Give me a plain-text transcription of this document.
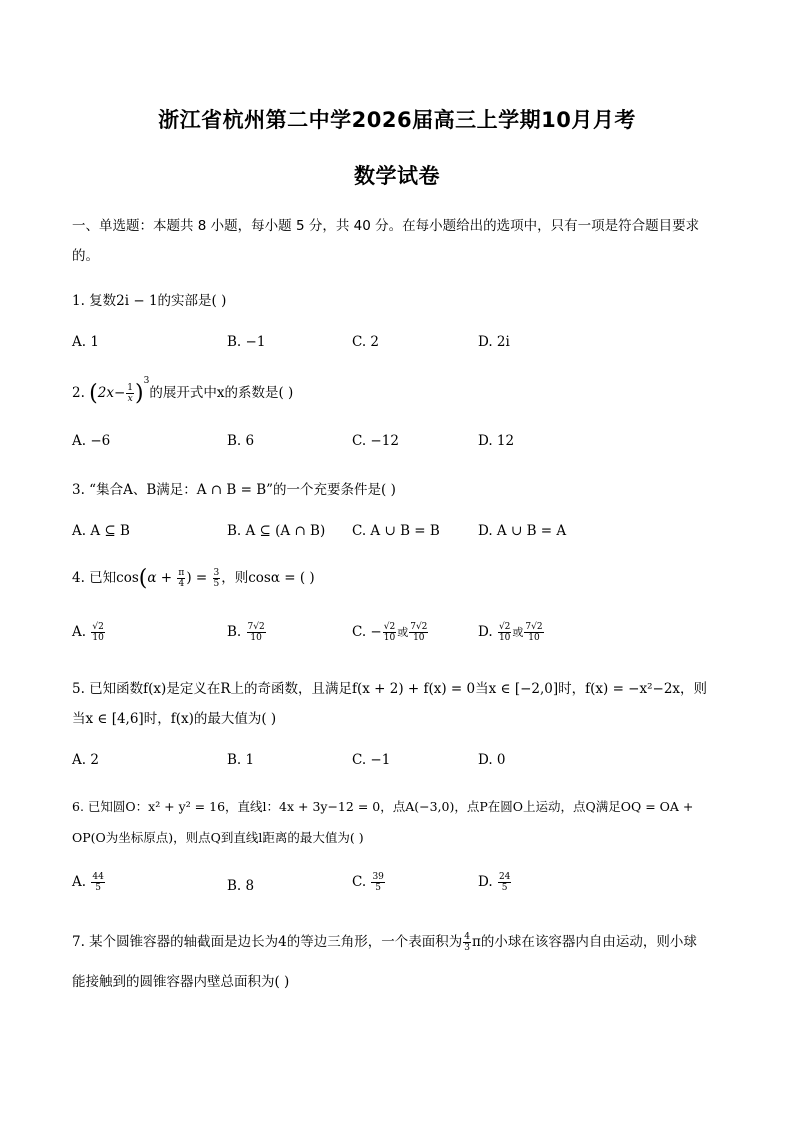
浙江省杭州第二中学2026届高三上学期10月月考
数学试卷
一、单选题：本题共 8 小题，每小题 5 分，共 40 分。在每小题给出的选项中，只有一项是符合题目要求
的。
1. 复数2i − 1的实部是( )
A. 1	B. −1	C. 2	D. 2i
2. $(2x- \frac{1}{x} )^3$的展开式中x的系数是( )
A. −6	B. 6	C. −12	D. 12
3. “集合A、B满足：A ∩ B = B”的一个充要条件是( )
A. A ⊆ B	B. A ⊆ (A ∩ B) C. A ∪ B = B	D. A ∪ B = A
4. 已知$\cos(\alpha + \frac{\pi}{4}$ ) = $\frac{3}{5}$ ，则cosα = ( )
A. $\frac{√2}{10}$	B. $\frac{7√2}{10}$	C. − $\frac{√2}{10}$ 或 $\frac{7√2}{10}$	D. $\frac{√2}{10}$ 或 $\frac{7√2}{10}$
5. 已知函数f(x)是定义在R上的奇函数，且满足f(x + 2) + f(x) = 0当x ∈ [−2,0]时，f(x) = −x²−2x，则
当x ∈ [4,6]时，f(x)的最大值为( )
A. 2	B. 1	C. −1	D. 0
6. 已知圆O：x² + y² = 16，直线l：4x + 3y−12 = 0，点A(−3,0)，点P在圆O上运动，点Q满足OQ = OA +
OP(O为坐标原点)，则点Q到直线l距离的最大值为( )
A. $\frac{44}{5}$	B. 8	C. $\frac{39}{5}$	D. $\frac{24}{5}$
7. 某个圆锥容器的轴截面是边长为4的等边三角形，一个表面积为 $\frac{4}{3}$ π的小球在该容器内自由运动，则小球
能接触到的圆锥容器内壁总面积为( )
